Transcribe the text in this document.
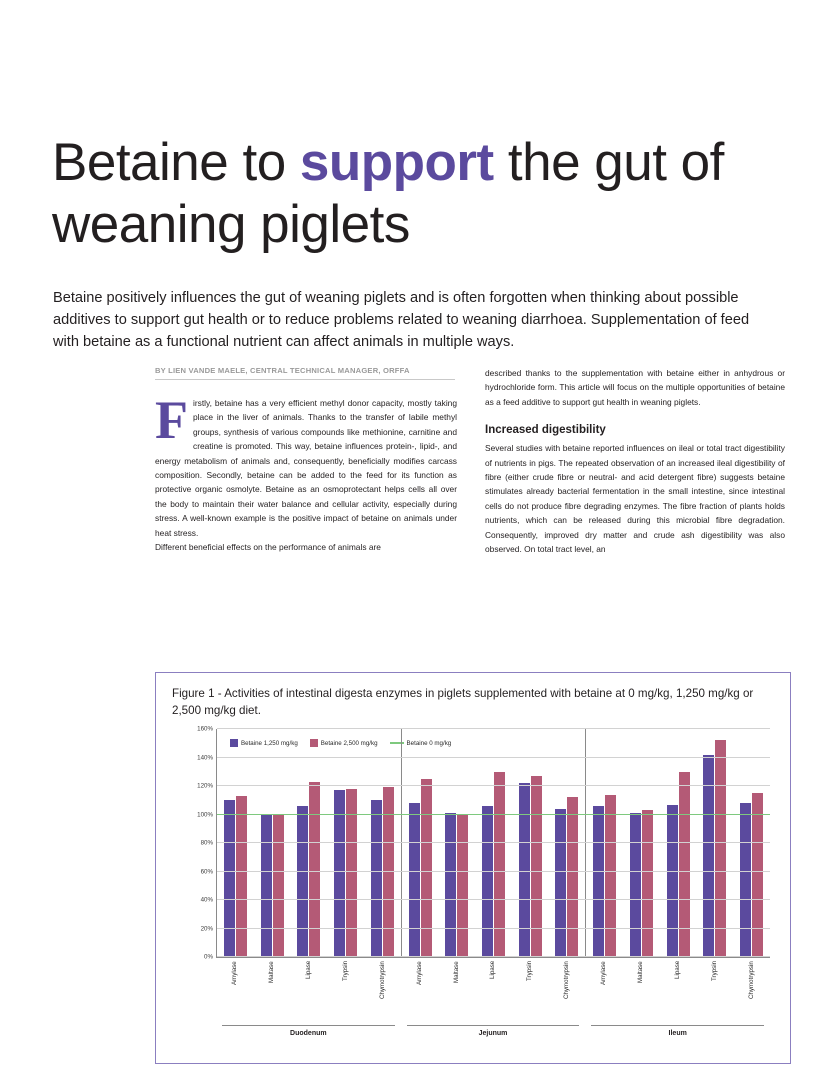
Betaine to support the gut of weaning piglets

Betaine positively influences the gut of weaning piglets and is often forgotten when thinking about possible additives to support gut health or to reduce problems related to weaning diarrhoea. Supplementation of feed with betaine as a functional nutrient can affect animals in multiple ways.

BY LIEN VANDE MAELE, CENTRAL TECHNICAL MANAGER, ORFFA

Firstly, betaine has a very efficient methyl donor capacity, mostly taking place in the liver of animals. Thanks to the transfer of labile methyl groups, synthesis of various compounds like methionine, carnitine and creatine is promoted. This way, betaine influences protein-, lipid-, and energy metabolism of animals and, consequently, beneficially modifies carcass composition. Secondly, betaine can be added to the feed for its function as protective organic osmolyte. Betaine as an osmoprotectant helps cells all over the body to maintain their water balance and cellular activity, especially during stress. A well-known example is the positive impact of betaine on animals under heat stress.

Different beneficial effects on the performance of animals are

described thanks to the supplementation with betaine either in anhydrous or hydrochloride form. This article will focus on the multiple opportunities of betaine as a feed additive to support gut health in weaning piglets.

Increased digestibility

Several studies with betaine reported influences on ileal or total tract digestibility of nutrients in pigs. The repeated observation of an increased ileal digestibility of fibre (either crude fibre or neutral- and acid detergent fibre) suggests betaine stimulates already bacterial fermentation in the small intestine, since intestinal cells do not produce fibre degrading enzymes. The fibre fraction of plants holds nutrients, which can be released during this microbial fibre degradation. Consequently, improved dry matter and crude ash digestibility was also observed. On total tract level, an

Figure 1 - Activities of intestinal digesta enzymes in piglets supplemented with betaine at 0 mg/kg, 1,250 mg/kg or 2,500 mg/kg diet.
Betaine 1,250 mg/kg	Betaine 2,500 mg/kg	Betaine 0 mg/kg
0%
20%
40%
60%
80%
100%
120%
140%
160%
Amylase	Maltase	Lipase	Trypsin	Chymotrypsin	Amylase	Maltase	Lipase	Trypsin	Chymotrypsin	Amylase	Maltase	Lipase	Trypsin	Chymotrypsin
Duodenum	Jejunum	Ileum
